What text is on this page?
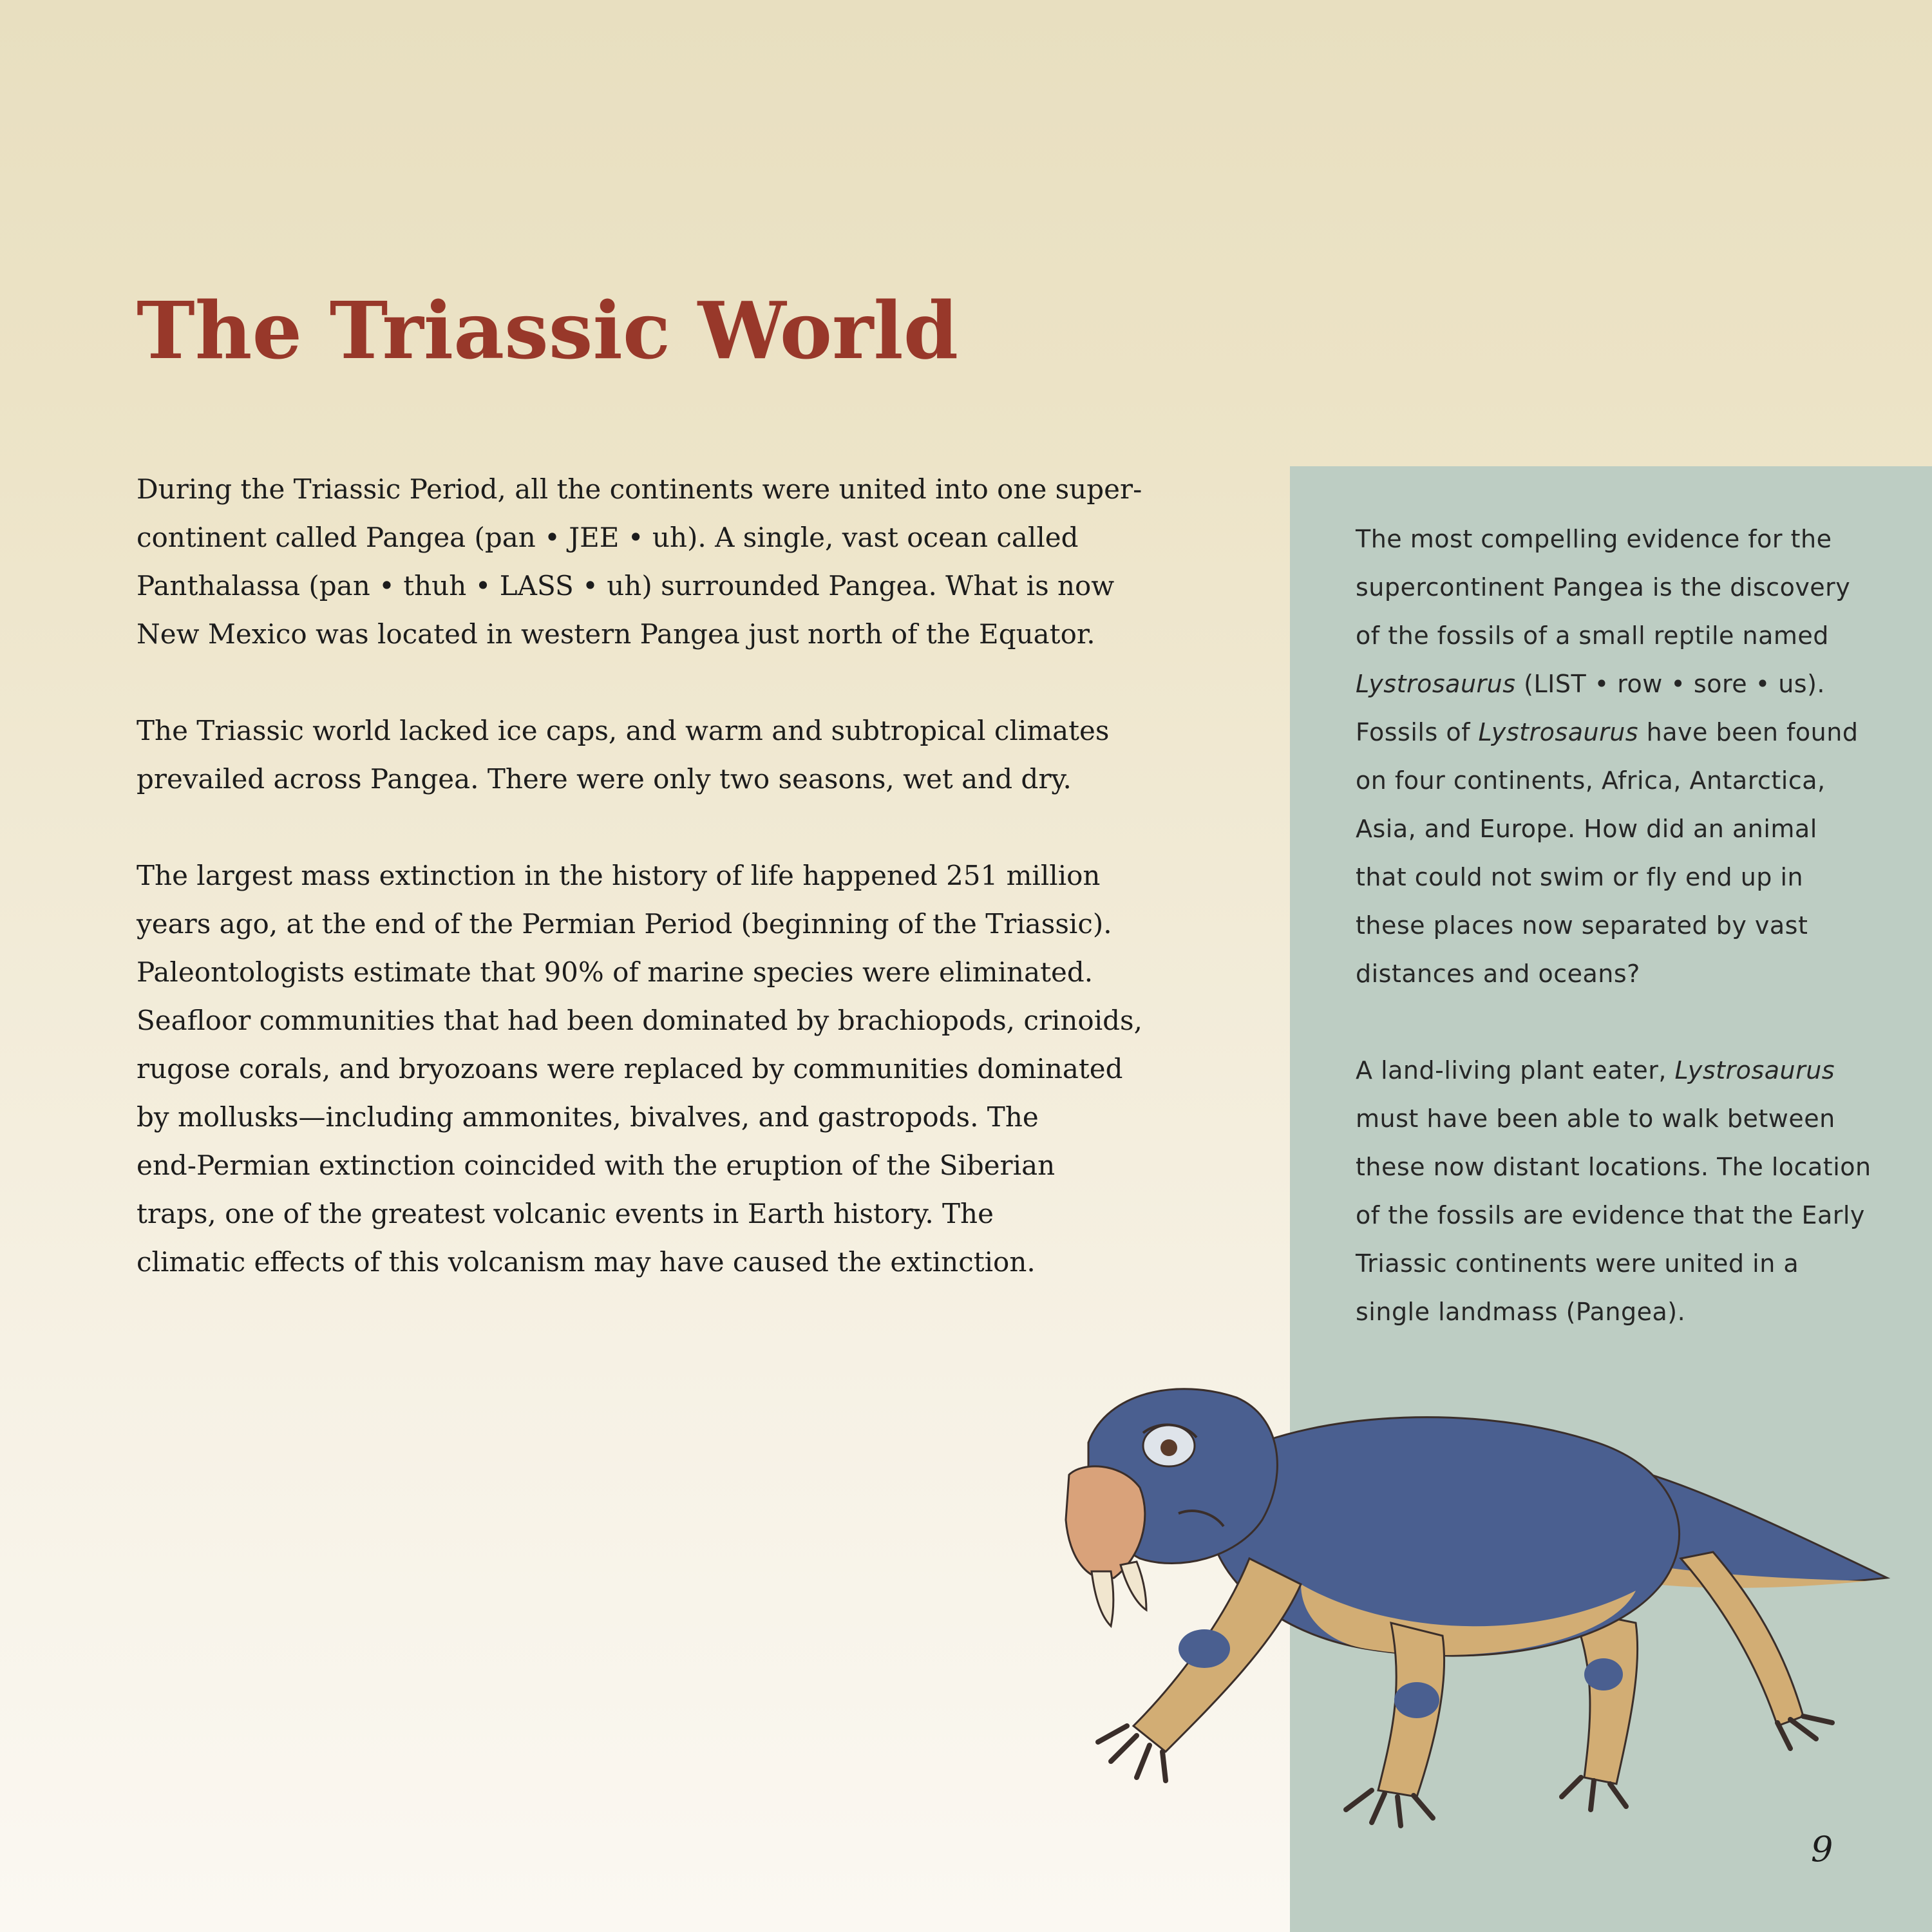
The Triassic World

During the Triassic Period, all the continents were united into one super-
continent called Pangea (pan • JEE • uh). A single, vast ocean called
Panthalassa (pan • thuh • LASS • uh) surrounded Pangea. What is now
New Mexico was located in western Pangea just north of the Equator.

The Triassic world lacked ice caps, and warm and subtropical climates
prevailed across Pangea. There were only two seasons, wet and dry.

The largest mass extinction in the history of life happened 251 million
years ago, at the end of the Permian Period (beginning of the Triassic).
Paleontologists estimate that 90% of marine species were eliminated.
Seafloor communities that had been dominated by brachiopods, crinoids,
rugose corals, and bryozoans were replaced by communities dominated
by mollusks—including ammonites, bivalves, and gastropods. The
end-Permian extinction coincided with the eruption of the Siberian
traps, one of the greatest volcanic events in Earth history. The
climatic effects of this volcanism may have caused the extinction.

The most compelling evidence for the
supercontinent Pangea is the discovery
of the fossils of a small reptile named
Lystrosaurus (LIST • row • sore • us).
Fossils of Lystrosaurus have been found
on four continents, Africa, Antarctica,
Asia, and Europe. How did an animal
that could not swim or fly end up in
these places now separated by vast
distances and oceans?

A land-living plant eater, Lystrosaurus
must have been able to walk between
these now distant locations. The location
of the fossils are evidence that the Early
Triassic continents were united in a
single landmass (Pangea).

9
